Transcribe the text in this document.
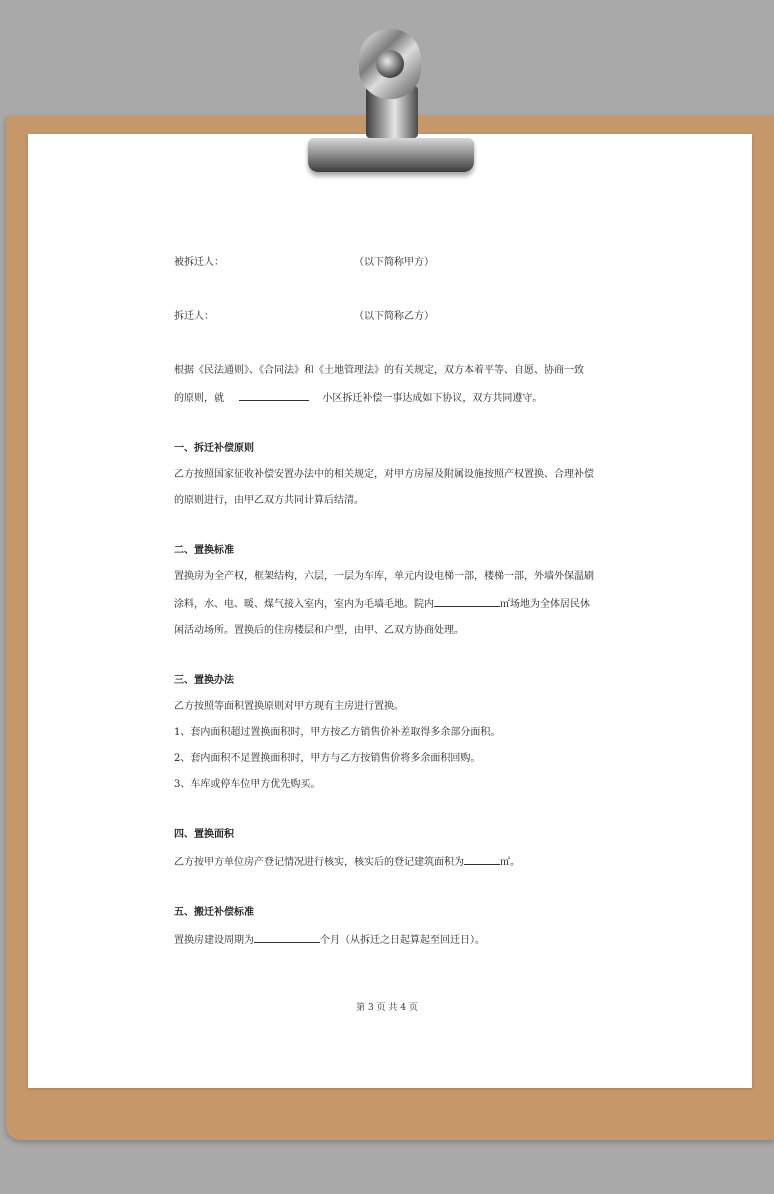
被拆迁人：	（以下简称甲方）
拆迁人：	（以下简称乙方）
根据《民法通则》、《合同法》和《土地管理法》的有关规定，双方本着平等、自愿、协商一致
的原则，就	小区拆迁补偿一事达成如下协议，双方共同遵守。
一、拆迁补偿原则
乙方按照国家征收补偿安置办法中的相关规定，对甲方房屋及附属设施按照产权置换、合理补偿
的原则进行，由甲乙双方共同计算后结清。
二、置换标准
置换房为全产权，框架结构，六层，一层为车库，单元内设电梯一部，楼梯一部，外墙外保温刷
涂料，水、电、暖、煤气接入室内，室内为毛墙毛地。院内	㎡场地为全体居民休
闲活动场所。置换后的住房楼层和户型，由甲、乙双方协商处理。
三、置换办法
乙方按照等面积置换原则对甲方现有主房进行置换。
1、套内面积超过置换面积时，甲方按乙方销售价补差取得多余部分面积。
2、套内面积不足置换面积时，甲方与乙方按销售价将多余面积回购。
3、车库或停车位甲方优先购买。
四、置换面积
乙方按甲方单位房产登记情况进行核实，核实后的登记建筑面积为	㎡。
五、搬迁补偿标准
置换房建设周期为	个月（从拆迁之日起算起至回迁日）。
第 3 页 共 4 页
